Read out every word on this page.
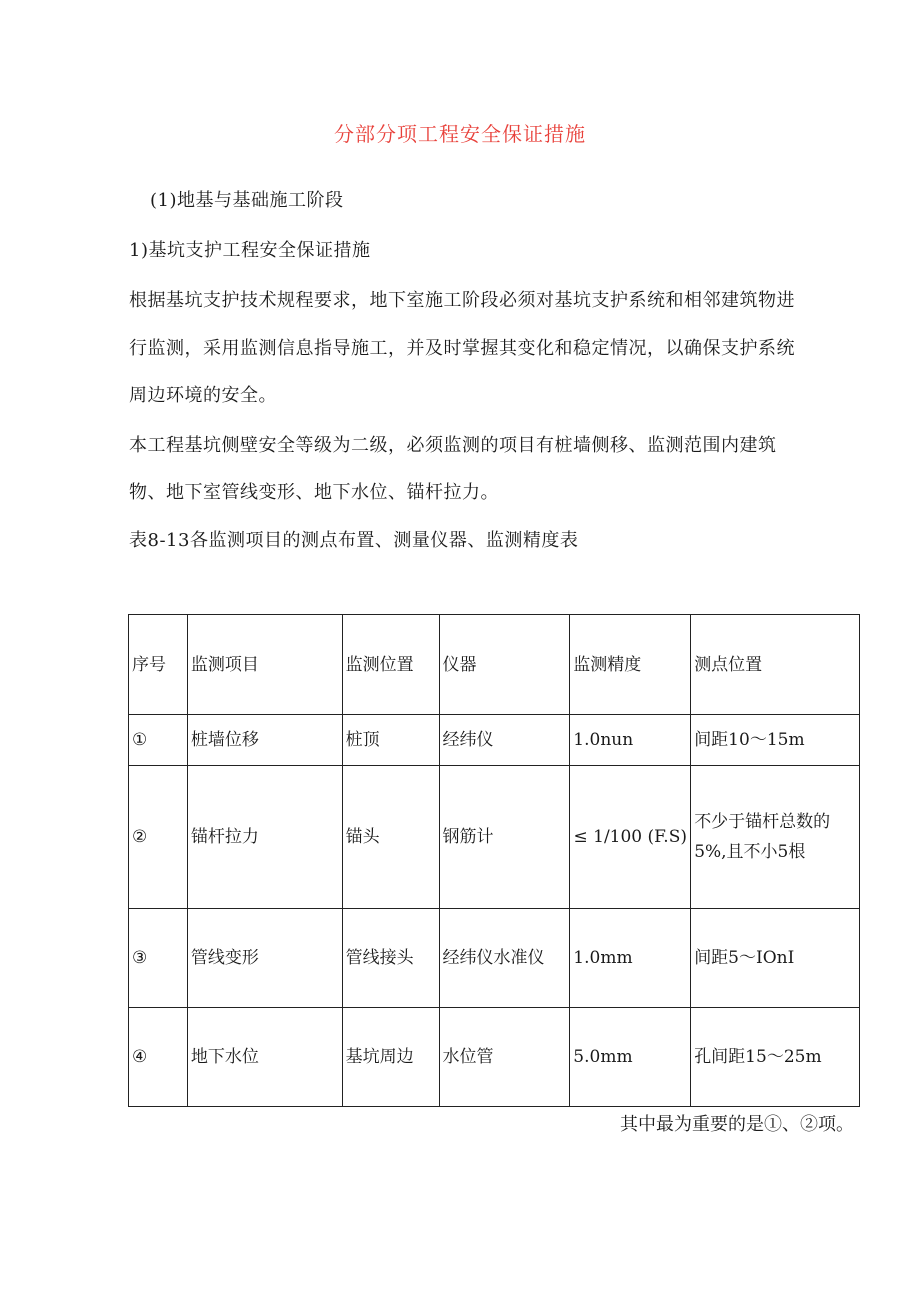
分部分项工程安全保证措施
(1)地基与基础施工阶段
1)基坑支护工程安全保证措施
根据基坑支护技术规程要求，地下室施工阶段必须对基坑支护系统和相邻建筑物进
行监测，采用监测信息指导施工，并及时掌握其变化和稳定情况，以确保支护系统
周边环境的安全。
本工程基坑侧壁安全等级为二级，必须监测的项目有桩墙侧移、监测范围内建筑
物、地下室管线变形、地下水位、锚杆拉力。
表8-13各监测项目的测点布置、测量仪器、监测精度表
序号	监测项目	监测位置	仪器	监测精度	测点位置
①	桩墙位移	桩顶	经纬仪	1.0nun	间距10～15m
②	锚杆拉力	锚头	钢筋计	≤ 1/100 (F.S)	不少于锚杆总数的5%,且不小5根
③	管线变形	管线接头	经纬仪水准仪	1.0mm	间距5～IOnI
④	地下水位	基坑周边	水位管	5.0mm	孔间距15～25m
其中最为重要的是①、②项。
